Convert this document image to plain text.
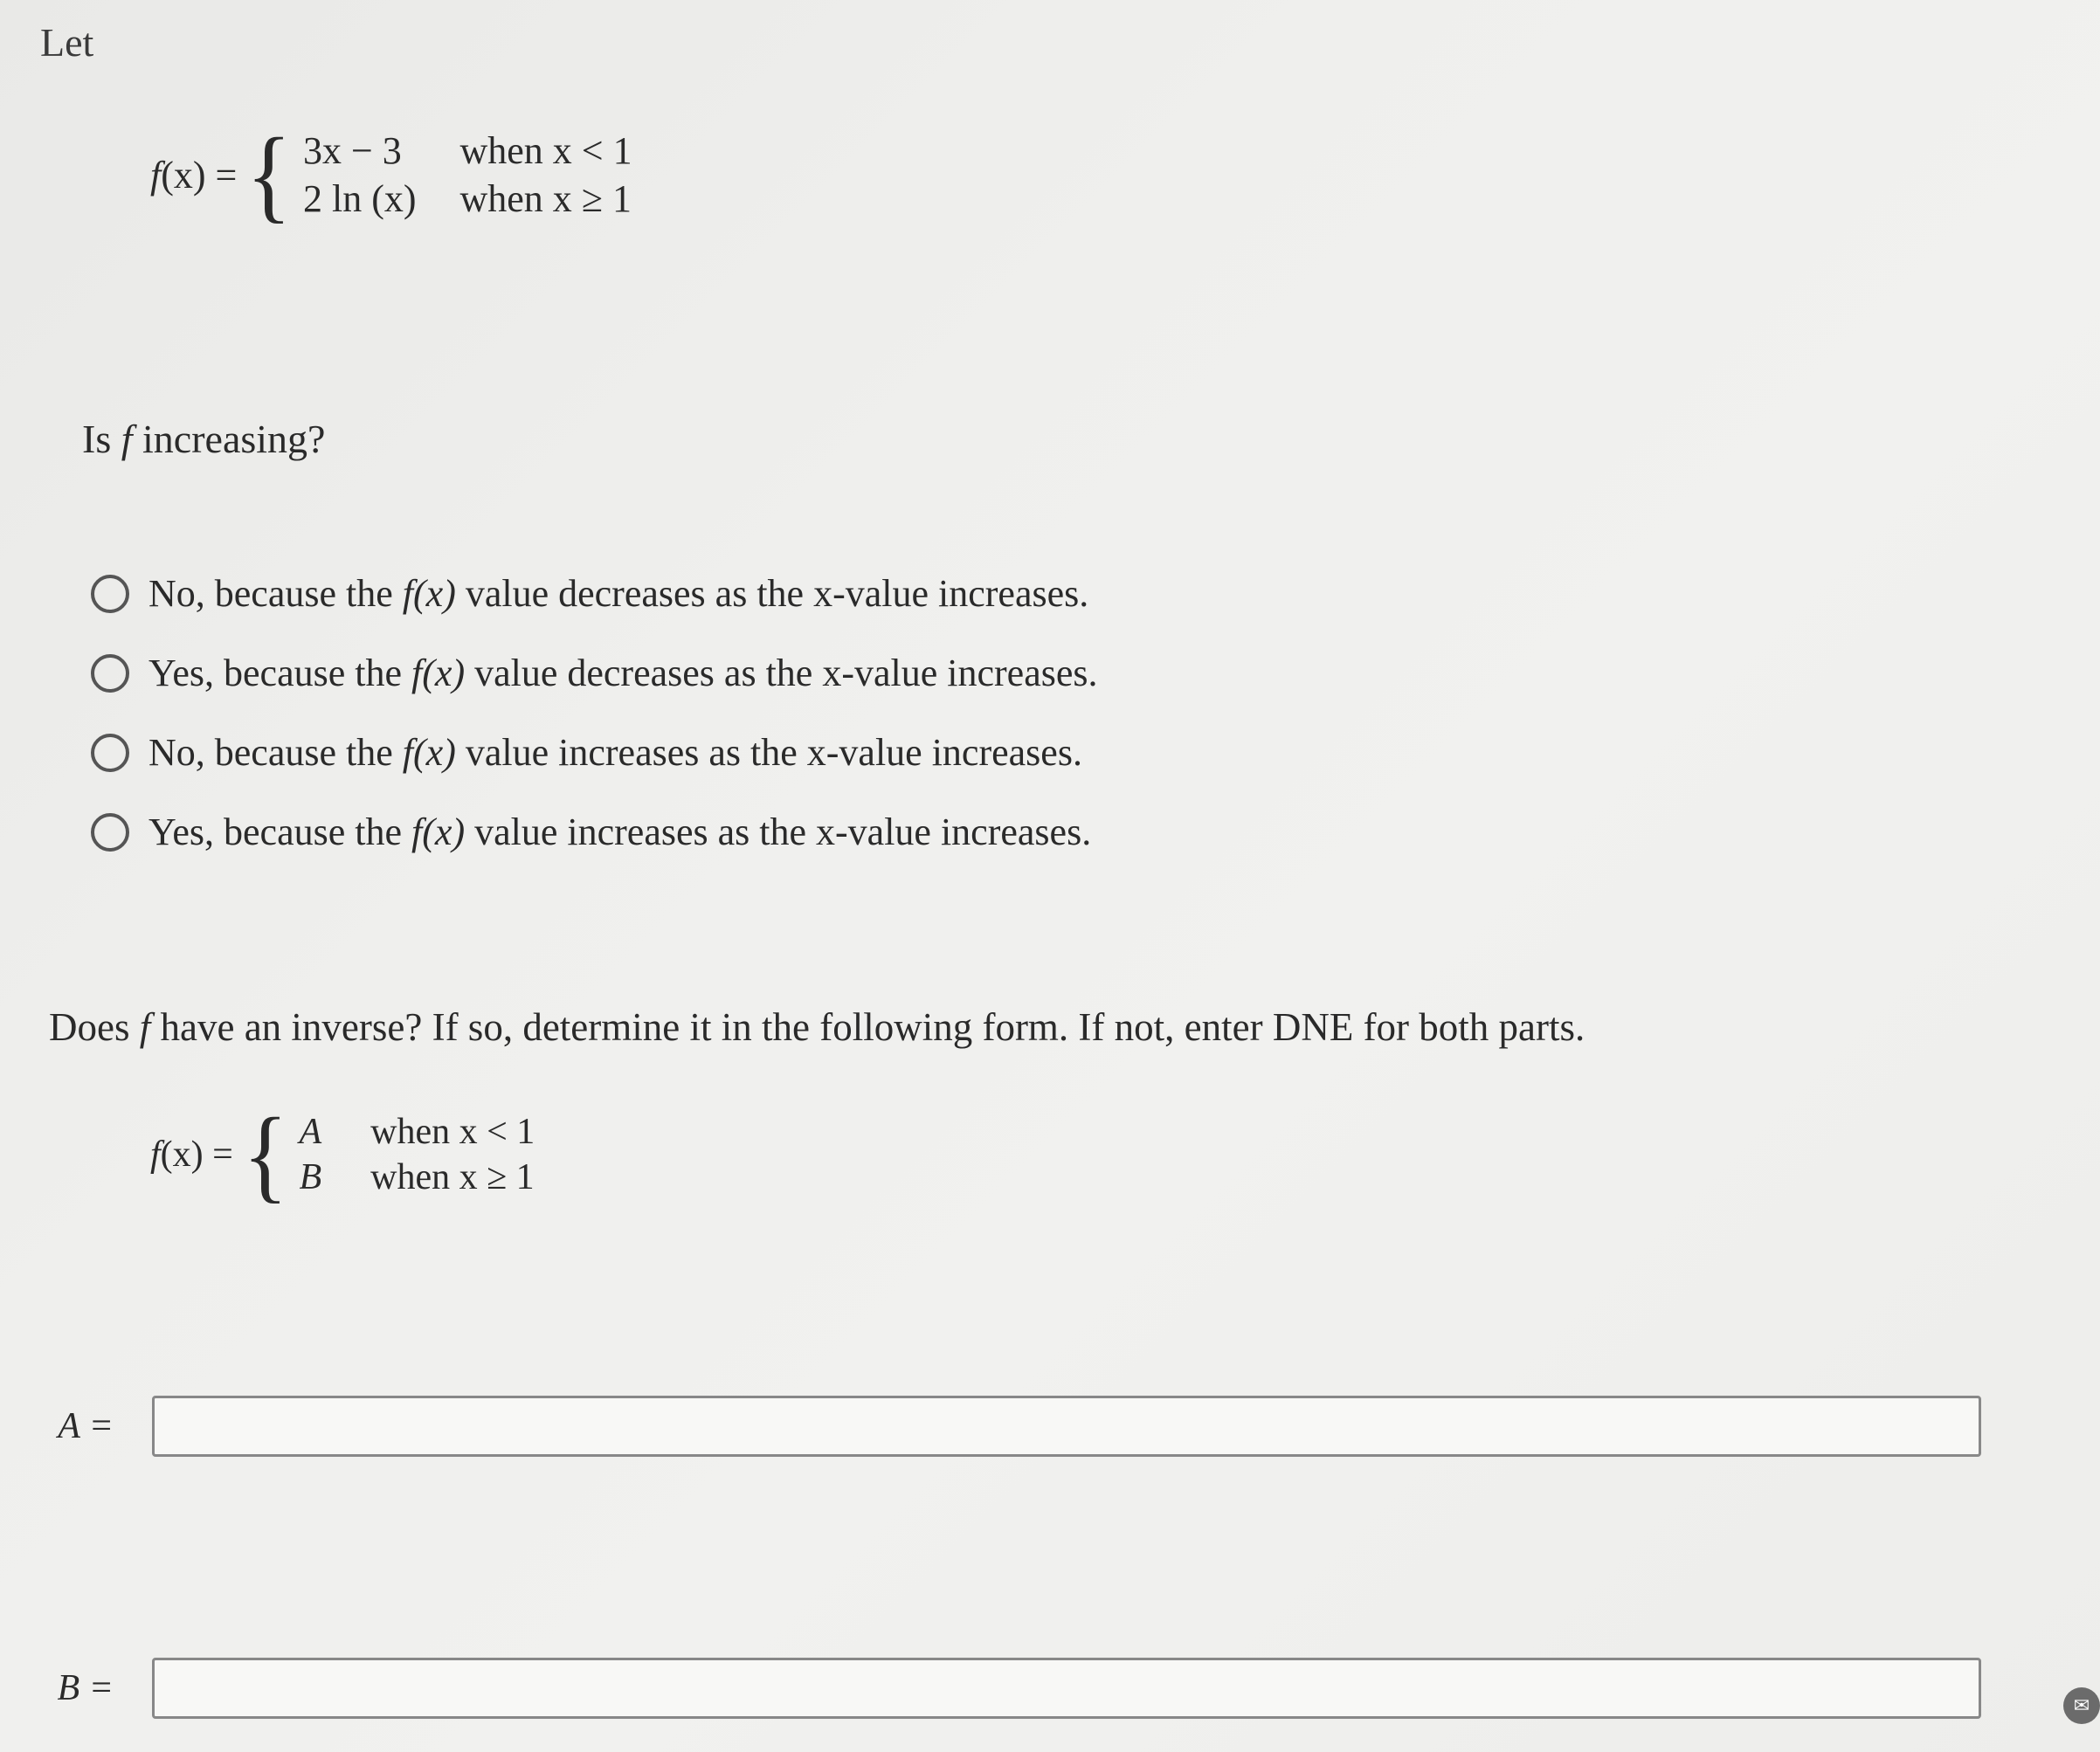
Let
f(x) = { 3x − 3	when x < 1
2 ln (x) when x ≥ 1
Is f increasing?
No, because the f(x) value decreases as the x-value increases.
Yes, because the f(x) value decreases as the x-value increases.
No, because the f(x) value increases as the x-value increases.
Yes, because the f(x) value increases as the x-value increases.
Does f have an inverse? If so, determine it in the following form. If not, enter DNE for both parts.
f(x) = { A when x < 1
B when x ≥ 1
A =
B =	✉
